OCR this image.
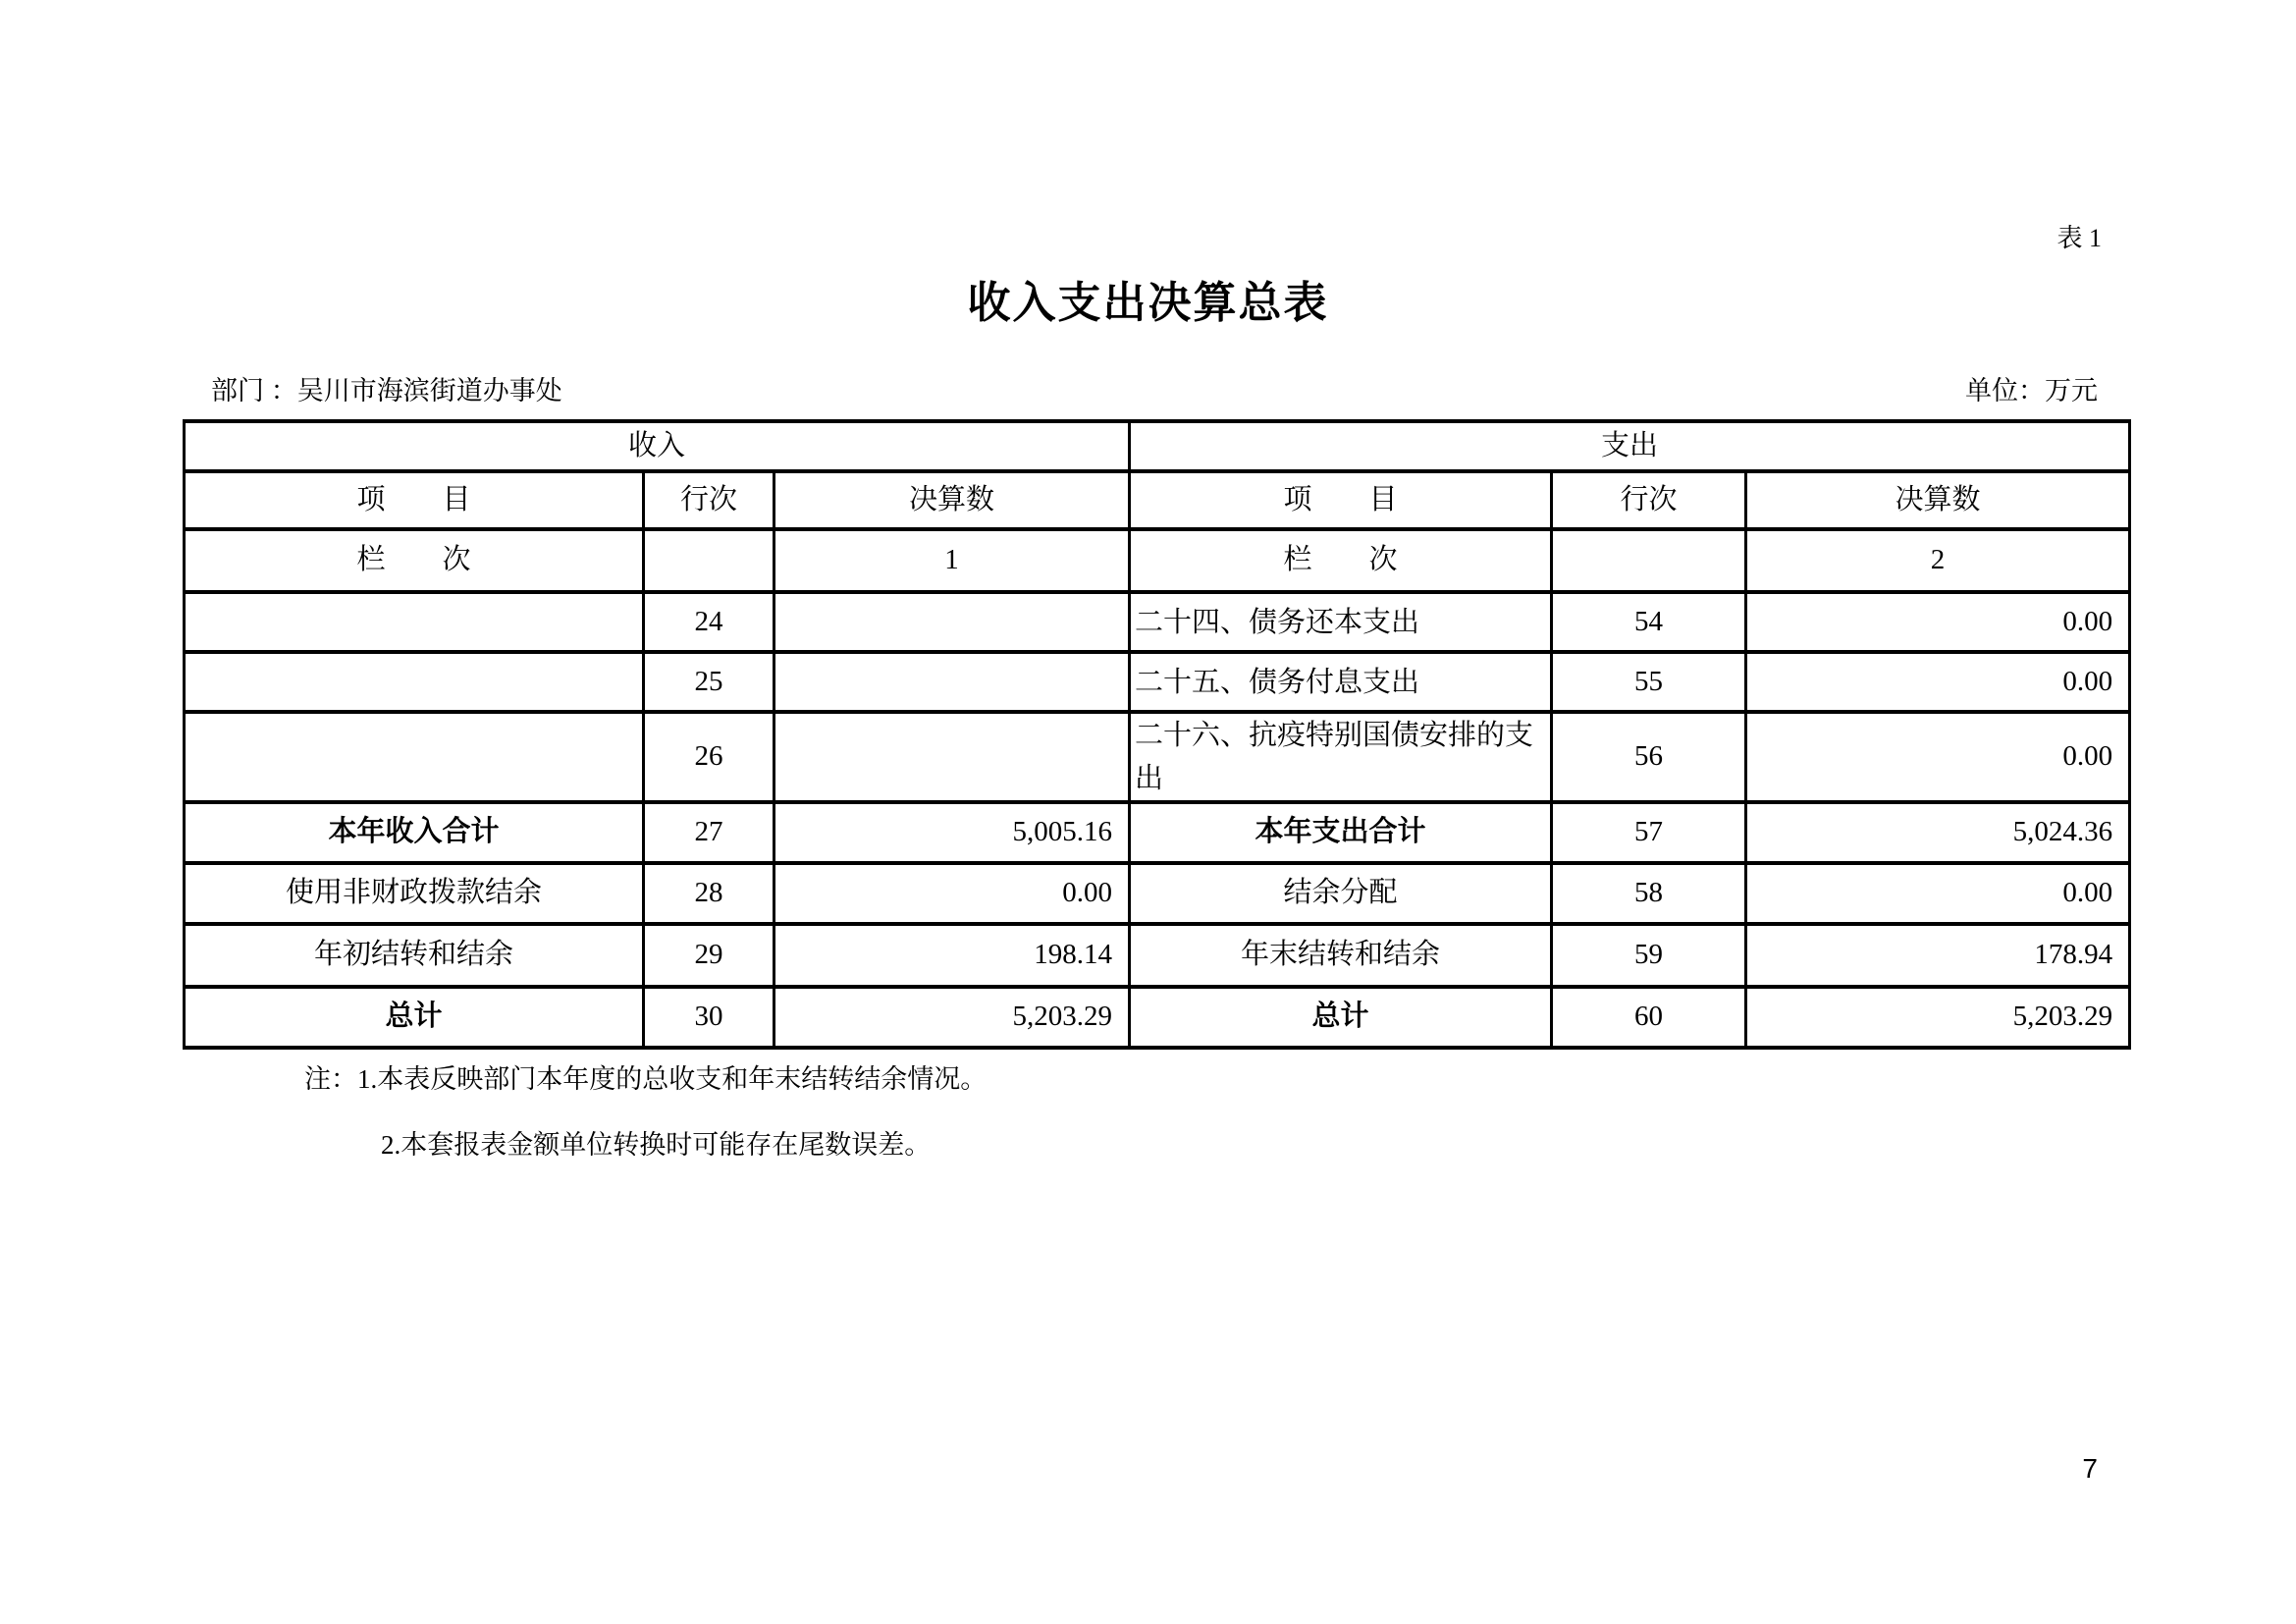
表 1
收入支出决算总表
部门 ：吴川市海滨街道办事处	单位：万元
收入			支出		
项　　目	行次	决算数	项　　目	行次	决算数
栏　　次		1	栏　　次		2
	24		二十四、债务还本支出	54	0.00
	25		二十五、债务付息支出	55	0.00
	26		二十六、抗疫特别国债安排的支出	56	0.00
本年收入合计	27	5,005.16	本年支出合计	57	5,024.36
使用非财政拨款结余	28	0.00	结余分配	58	0.00
年初结转和结余	29	198.14	年末结转和结余	59	178.94
总计	30	5,203.29	总计	60	5,203.29
注：1.本表反映部门本年度的总收支和年末结转结余情况。
2.本套报表金额单位转换时可能存在尾数误差。
7
